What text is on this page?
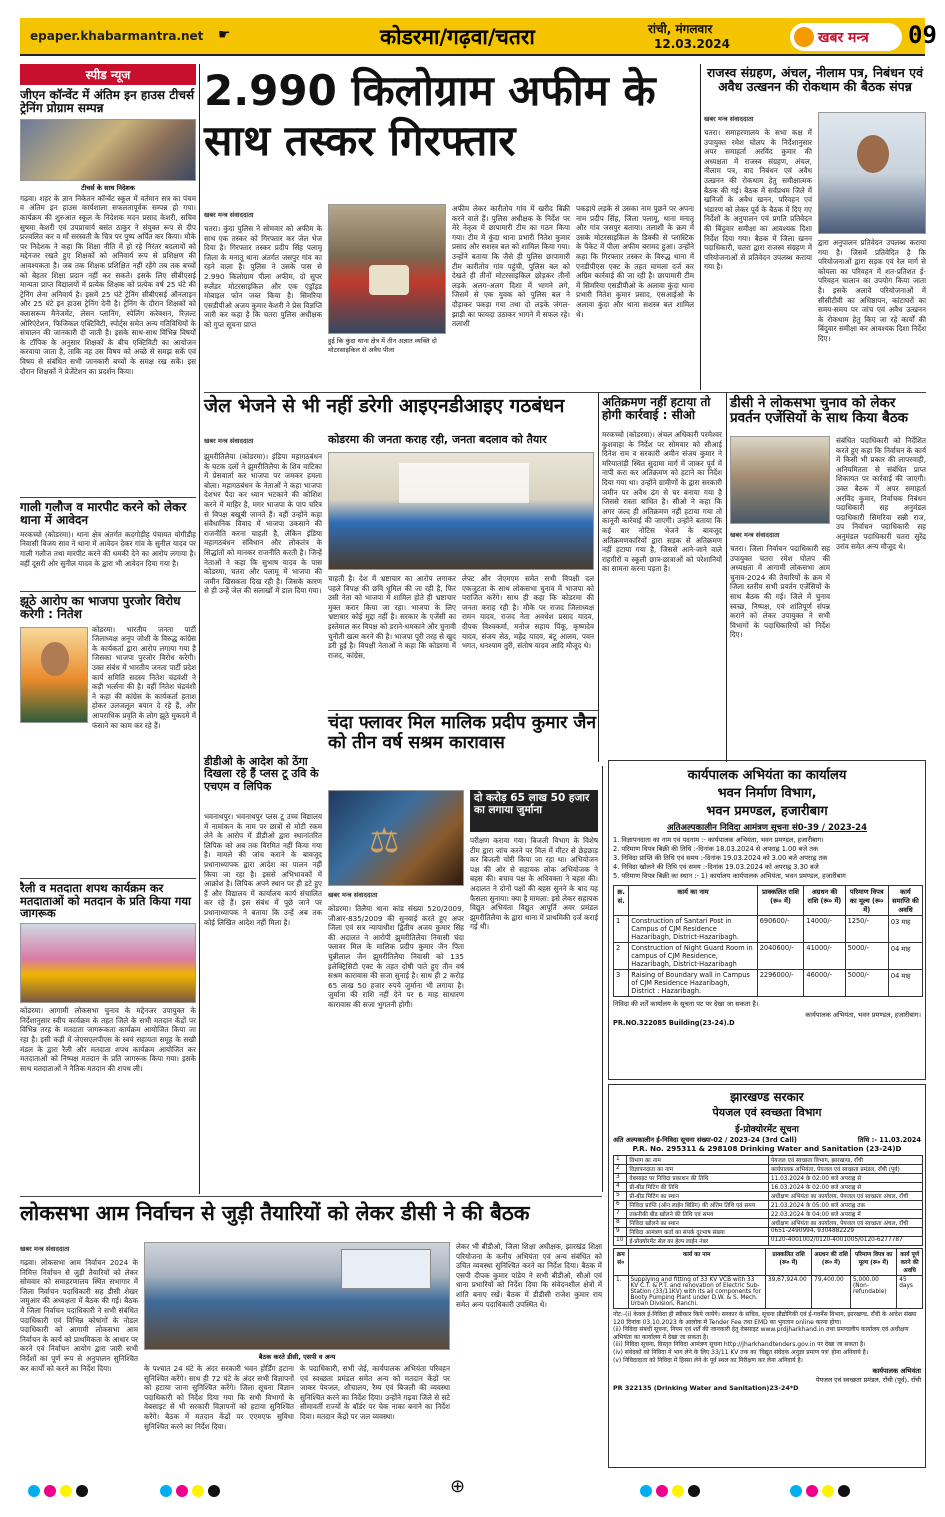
epaper.khabarmantra.net ☛	कोडरमा/गढ़वा/चतरा	रांची, मंगलवार
12.03.2024	खबर मन्त्र 09
स्पीड न्यूज
जीएन कॉन्वेंट में अंतिम इन हाउस टीचर्स ट्रेनिंग प्रोग्राम सम्पन्न
टीचर्स के साथ निदेशक
गढ़वा। शहर के ज्ञान निकेतन कॉन्वेंट स्कूल में वर्तमान सत्र का पंचम व अंतिम इन हाउस कार्यशाला सफलतापूर्वक सम्पन्न हो गया। कार्यक्रम की शुरुआत स्कूल के निदेशक मदन प्रसाद केशरी, सचिव सुषमा केशरी एवं उपप्राचार्य बसंत ठाकुर ने संयुक्त रूप से दीप प्रज्वलित कर व माँ सरस्वती के चित्र पर पुष्प अर्पित कर किया। मौके पर निदेशक ने कहा कि शिक्षा नीति में हो रहे निरंतर बदलावों को मद्देनजर रखते हुए शिक्षकों को अनिवार्य रूप से प्रशिक्षण की आवश्यकता है। जब तक शिक्षक प्रशिक्षित नहीं रहेंगे तब तक बच्चों को बेहतर शिक्षा प्रदान नहीं कर सकते। इसके लिए सीबीएसई मान्यता प्राप्त विद्यालयों में प्रत्येक शिक्षक को प्रत्येक वर्ष 25 घंटे की ट्रेनिंग लेना अनिवार्य है। इसमें 25 घंटे ट्रेनिंग सीबीएसई ऑनलाइन और 25 घंटे इन हाउस ट्रेनिंग देनी है। ट्रेनिंग के दौरान शिक्षकों को क्लासरूम मैनेजमेंट, लेसन प्लानिंग, स्पेलिंग करेक्शन, रिज़ल्ट ओरिएंटेशन, फिजिकल एक्टिविटी, स्पोर्ट्स समेत अन्य गतिविधियों के संचालन की जानकारी दी जाती है। इसके साथ-साथ विभिन्न विषयों के टॉपिक के अनुसार शिक्षकों के बीच एक्टिविटी का आयोजन करवाया जाता है, ताकि वह उस विषय को अच्छे से समझ सकें एवं विषय से संबंधित सभी जानकारी बच्चों के समक्ष रख सकें। इस दौरान शिक्षकों ने प्रेजेंटेशन का प्रदर्शन किया।
गाली गलौज व मारपीट करने को लेकर थाना में आवेदन
मरकच्चो (कोडरमा)। थाना क्षेत्र अंतर्गत कदगोड़ीह पंचायत योगीडीह निवासी विजय साव ने थाना में आवेदन देकर गांव के सुनील यादव पर गाली गलौज तथा मारपीट करने की धमकी देने का आरोप लगाया है। वहीं दूसरी ओर सुनील यादव के द्वारा भी आवेदन दिया गया है।
झूठे आरोप का भाजपा पुरजोर विरोध करेगी : नितेश
कोडरमा। भारतीय जनता पार्टी जिलाध्यक्ष अनूप जोशी के विरुद्ध कांग्रेस के कार्यकर्ता द्वारा आरोप लगाया गया है जिसका भाजपा पुरजोर विरोध करेगी। उक्त संबंध में भारतीय जनता पार्टी प्रदेश कार्य समिति सदस्य नितेश चंद्रवंशी ने कड़ी भर्त्सना की है। वहीं नितेश चंद्रवंशी ने कहा की कांग्रेस के कार्यकर्ता हताश होकर उलजलूल बयान दे रहे हैं, और आपराधिक प्रवृति के लोग झूठे मुकदमे में फंसाने का काम कर रहे हैं।
रैली व मतदाता शपथ कार्यक्रम कर मतदाताओं को मतदान के प्रति किया गया जागरूक
कोडरमा। आगामी लोकसभा चुनाव के मद्देनजर उपायुक्त के निर्देशानुसार स्वीप कार्यक्रम के तहत जिले के सभी मतदान केंद्रों पर विभिन्न तरह के मतदाता जागरूकता कार्यक्रम आयोजित किया जा रहा है। इसी कड़ी में जेएसएलपीएस के स्वयं सहायता समूह के सखी मंडल के द्वारा रैली और मतदाता शपथ कार्यक्रम आयोजित कर मतदाताओं को निष्पक्ष मतदान के प्रति जागरूक किया गया। इसके साथ मतदाताओं ने नैतिक मतदान की शपथ ली।
2.990 किलोग्राम अफीम के साथ तस्कर गिरफ्तार
खबर मन्त्र संवाददाता
चतरा। कुंदा पुलिस ने सोमवार को अफीम के साथ एक तस्कर को गिरफ्तार कर जेल भेज दिया है। गिरफ्तार तस्कर प्रदीप सिंह पलामू जिला के मनातू थाना अंतर्गत जसपुर गांव का रहने वाला है। पुलिस ने उसके पास से 2.990 किलोग्राम पीला अफीम, दो सुपर स्प्लेंडर मोटरसाइकिल और एक एंड्रॉइड मोबाइल फोन जब्त किया है। सिमरिया एसडीपीओ अजय कुमार केशरी ने प्रेस विज्ञप्ति जारी कर कहा है कि चतरा पुलिस अधीक्षक को गुप्त सूचना प्राप्त
हुई कि कुंदा थाना क्षेत्र में तीन अज्ञात व्यक्ति दो मोटरसाइकिल से अवैध पीला
अफीम लेकर कारीतोय गांव में खरीद बिक्री करने वाले हैं। पुलिस अधीक्षक के निर्देश पर मेरे नेतृत्व में छापामारी टीम का गठन किया गया। टीम में कुंदा थाना प्रभारी नितेश कुमार प्रसाद और सशस्त्र बल को शामिल किया गया। उन्होंने बताया कि जैसे ही पुलिस छापामारी टीम कारीतोय गांव पहुंची, पुलिस बल को देखते ही तीनों मोटरसाइकिल छोड़कर तीनों लड़के अलग-अलग दिशा में भागने लगे, जिसमें से एक युवक को पुलिस बल ने दौड़ाकर पकड़ा गया तथा दो लड़के जंगल-झाड़ी का फायदा उठाकर भागने में सफल रहे। तलाशी
पकड़ाये लड़के से उसका नाम पुछने पर अपना नाम प्रदीप सिंह, जिला पलामू, थाना मनातू और गांव जसपुर बताया। तलाशी के क्रम में उसके मोटरसाइकिल के डिक्की से प्लास्टिक के पैकेट में पीला अफीम बरामद हुआ। उन्होंने कहा कि गिरफ्तार तस्कर के विरुद्ध थाना में एनडीपीएस एक्ट के तहत मामला दर्ज कर अग्रिम कार्रवाई की जा रही है। छापामारी टीम में सिमरिया एसडीपीओ के अलावा कुंदा थाना प्रभारी नितेश कुमार प्रसाद, एसआईओ के अलावा कुंदा और थाना सशस्त्र बल शामिल थे।
राजस्व संग्रहण, अंचल, नीलाम पत्र, निबंधन एवं अवैध उत्खनन की रोकथाम की बैठक संपन्न
खबर मन्त्र संवाददाता
चतरा। समाहरणालय के सभा कक्ष में उपायुक्त रमेश घोलप के निर्देशानुसार अपर समाहर्ता अरविंद कुमार की अध्यक्षता में राजस्व संग्रहण, अंचल, नीलाम पत्र, वाद निबंधन एवं अवैध उत्खनन की रोकथाम हेतु समीक्षात्मक बैठक की गई। बैठक में सर्वप्रथम जिले में खनिजों के अवैध खनन, परिवहन एवं भंडारण को लेकर पूर्व के बैठक में दिए गए निर्देशों के अनुपालन एवं प्रगति प्रतिवेदन की बिंदुवार समीक्षा का आवश्यक दिशा निर्देश दिया गया। बैठक में जिला खनन पदाधिकारी, चतरा द्वारा राजस्व संग्रहण में परियोजनाओं से प्रतिवेदन उपलब्ध कराया गया है।
द्वारा अनुपालन प्रतिवेदन उपलब्ध कराया गया है। जिसमें प्रतिवेदित है कि परियोजनाओं द्वारा सड़क एवं रेल मार्ग से कोयला का परिवहन में शत-प्रतिशत ई-परिवहन चालान का उपयोग किया जाता है। इसके अलावे परियोजनाओं में सीसीटीवी का अधिष्ठापन, कांटाघरों का समय-समय पर जांच एवं अवैध उत्खनन के रोकथाम हेतु किए जा रहे कार्यों की बिंदुवार समीक्षा कर आवश्यक दिशा निर्देश दिए।
जेल भेजने से भी नहीं डरेगी आइएनडीआइए गठबंधन
खबर मन्त्र संवाददाता
झुमरीतिलैया (कोडरमा)। इंडिया महागठबंधन के घटक दलों ने झुमरीतिलैया के शिव वाटिका में प्रेसवार्ता कर भाजपा पर जमकर हमला बोला। महागठबंधन के नेताओं ने कहा भाजपा देशभर पैदा कर ध्यान भटकाने की कोशिश करने में माहिर है, मगर भाजपा के पाप चरित्र से विपक्ष बखूबी जानते हैं। वहीं उन्होंने कहा संवैधानिक विवाद में भाजपा उकसाने की राजनीति करना चाहती है, लेकिन इंडिया महागठबंधन संविधान और लोकतंत्र के सिद्धांतों को मानकर राजनीति करती है। जिन्हें नेताओं ने कहा कि सुभाष यादव के पास कोडरमा, चतरा और पलामू में भाजपा की जमीन खिसकता दिख रही है। जिसके कारण से ही उन्हें जेल की सलाखों में डाल दिया गया।
कोडरमा की जनता कराह रही, जनता बदलाव को तैयार
चाहती है। देश में भ्रष्टाचार का आरोप लगाकर पहले विपक्ष की छवि धूमिल की जा रही है, फिर उसी नेता को भाजपा में शामिल होते ही भ्रष्टाचार मुक्त करार किया जा रहा। भाजपा के लिए भ्रष्टाचार कोई मुद्दा नहीं है। सरकार के एजेंसी का इस्तेमाल कर विपक्ष को डराने-धमकाने और चुनावी चुनौती खत्म करने की है। भाजपा पूरी तरह से खुद डरी हुई है। विपक्षी नेताओं ने कहा कि कोडरमा में राजद, कांग्रेस,
लेफ्ट और जेएमएम समेत सभी विपक्षी दल एकजुटता के साथ लोकसभा चुनाव में भाजपा को पराजित करेंगे। साथ ही कहा कि कोडरमा की जनता कराह रही है। मौके पर राजद जिलाध्यक्ष रामन यादव, राजद नेता अवधेश प्रसाद यादव, दीपक विश्वकर्मा, मनोज सहाय पिंकू, कृष्णदेव यादव, संजय सेठ, महेंद्र यादव, बंटू आलम, पवन भगत, धनश्याम तुरी, संतोष यादव आदि मौजूद थे।
अतिक्रमण नहीं हटाया तो होगी कार्रवाई : सीओ
मरकच्चो (कोडरमा)। अंचल अधिकारी परमेश्वर कुशवाहा के निर्देश पर सोमवार को सीआई दिनेश राम व सरकारी अमीन संजय कुमार ने मरियातांड़ी स्थित सुदामा मार्ग में जाकर पूर्व में नापी करा कर अतिक्रमण को हटाने का निर्देश दिया गया था। उन्होंने ग्रामीणों के द्वारा सरकारी जमीन पर अवैध ढंग से घर बनाया गया है जिससे रास्ता बाधित है। सीओ ने कहा कि अगर जल्द ही अतिक्रमण नहीं हटाया गया तो कानूनी कार्रवाई की जाएगी। उन्होंने बताया कि कई बार नोटिस भेजने के बावजूद अतिक्रमणकारियों द्वारा सड़क से अतिक्रमण नहीं हटाया गया है, जिससे आने-जाने वाले राहगीरों व स्कूली छात्र-छात्राओं को परेशानियों का सामना करना पड़ता है।
डीसी ने लोकसभा चुनाव को लेकर प्रवर्तन एजेंसियों के साथ किया बैठक
संबंधित पदाधिकारी को निर्देशित करते हुए कहा कि निर्वाचन के कार्य में किसी भी प्रकार की लापरवाही, अनियमितता से संबंधित प्राप्त शिकायत पर कार्रवाई की जाएगी। उक्त बैठक में अपर समाहर्ता अरविंद कुमार, निर्वाचक निबंधन पदाधिकारी सह अनुमंडल पदाधिकारी सिमरिया सन्नी राज, उप निर्वाचन पदाधिकारी सह अनुमंडल पदाधिकारी चतरा सुरेंद्र उरांव समेत अन्य मौजूद थे।
खबर मन्त्र संवाददाता
चतरा। जिला निर्वाचन पदाधिकारी सह उपायुक्त चतरा रमेश घोलप की अध्यक्षता में आगामी लोकसभा आम चुनाव-2024 की तैयारियों के क्रम में जिला स्तरीय सभी प्रवर्तन एजेंसियों के साथ बैठक की गई। जिले में चुनाव स्वच्छ, निष्पक्ष, एवं शांतिपूर्ण संपन्न कराने को लेकर उपायुक्त ने सभी विभागों के पदाधिकारियों को निर्देश दिए।
डीडीओ के आदेश को ठेंगा दिखला रहे हैं प्लस टू उवि के एचएम व लिपिक
भवनाथपुर। भवनाथपुर प्लस टू उच्च विद्यालय में नामांकन के नाम पर छात्रों से मोटी रकम लेने के आरोप में डीडीओ द्वारा स्थानांतरित लिपिक को अब तक विरमित नहीं किया गया है। मामले की जांच कराने के बावजूद प्रधानाध्यापक द्वारा आदेश का पालन नहीं किया जा रहा है। इससे अभिभावकों में आक्रोश है। लिपिक अपने स्थान पर ही डटे हुए हैं और विद्यालय में कार्यालय कार्य संचालित कर रहे हैं। इस संबंध में पूछे जाने पर प्रधानाध्यापक ने बताया कि उन्हें अब तक कोई लिखित आदेश नहीं मिला है।
चंदा फ्लावर मिल मालिक प्रदीप कुमार जैन को तीन वर्ष सश्रम कारावास
⚖
दो करोड़ 65 लाख 50 हजार का लगाया जुर्माना
परीक्षण कराया गया। बिजली विभाग के विशेष टीम द्वारा जांच करने पर मिल में मीटर से छेड़छाड़ कर बिजली चोरी किया जा रहा था। अभियोजन पक्ष की ओर से सहायक लोक अभियोजक ने बहस की। बचाव पक्ष के अधिवक्ता ने बहस की। अदालत ने दोनों पक्षों की बहस सुनने के बाद यह फैसला सुनाया। क्या है मामला: इसे लेकर सहायक विद्युत अभियंता विद्युत आपूर्ति अवर प्रमंडल झुमरीतिलैया के द्वारा थाना में प्राथमिकी दर्ज कराई गई थी।
खबर मन्त्र संवाददाता
कोडरमा। तिलैया थाना कांड संख्या 520/2009, जीआर-835/2009 की सुनवाई करते हुए अपर जिला एवं सत्र न्यायाधीश द्वितीय अजय कुमार सिंह की अदालत ने आरोपी झुमरीतिलैया निवासी चंदा फ्लावर मिल के मालिक प्रदीप कुमार जैन पिता चुन्नीलाल जैन झुमरीतिलैया निवासी को 135 इलेक्ट्रिसिटी एक्ट के तहत दोषी पाते हुए तीन वर्ष सश्रम कारावास की सजा सुनाई है। साथ ही 2 करोड़ 65 लाख 50 हजार रुपये जुर्माना भी लगाया है। जुर्माना की राशि नहीं देने पर 6 माह साधारण कारावास की सजा भुगतनी होगी।
कार्यपालक अभियंता का कार्यालय
भवन निर्माण विभाग,
भवन प्रमण्डल, हजारीबाग
अतिअल्पकालीन निविदा आमंत्रण सूचना सं0-39 / 2023-24
1. विज्ञापनदाता का नाम एवं पदनाम :- कार्यपालक अभियंता, भवन प्रमण्डल, हजारीबाग।
2. परिमाण विपत्र बिक्री की तिथि :-दिनांक 18.03.2024 से अपराह्न 1.00 बजे तक
3. निविदा प्राप्ति की तिथि एवं समय :-दिनांक 19.03.2024 को 3.00 बजे अपराह्न तक
4. निविदा खोलने की तिथि एवं समय :-दिनांक 19.03.2024 को अपराह्न 3.30 बजे
5. परिमाण विपत्र बिक्री का स्थान :- 1) कार्यालय कार्यपालक अभियंता, भवन प्रमण्डल, हजारीबाग
क्र. सं.	कार्य का नाम	प्राक्कलित राशि (रू० में)	अग्रधन की राशि (रू० में)	परिमाण विपत्र का मूल्य (रू० में)	कार्य समाप्ति की अवधि
1	Construction of Santari Post in Campus of CJM Residence Hazaribagh, District-Hazaribagh.	690600/-	14000/-	1250/-	03 माह
2	Construction of Night Guard Room in campus of CJM Residence, Hazaribagh, District-Hazaribagh	2040600/-	41000/-	5000/-	04 माह
3	Raising of Boundary wall in Campus of CJM Residence Hazaribagh, District : Hazaribagh.	2296000/-	46000/-	5000/-	04 माह
निविदा की शर्तें कार्यालय के सूचना पट पर देखा जा सकता है।
कार्यपालक अभियंता, भवन प्रमण्डल, हजारीबाग।
PR.NO.322085 Building(23-24).D
झारखण्ड सरकार
पेयजल एवं स्वच्छता विभाग
ई-प्रोक्योरमेंट सूचना
अति अल्पकालीन ई-निविदा सूचना संख्या-02 / 2023-24 (3rd Call)	तिथि :- 11.03.2024
P.R. No. 295311 & 298108 Drinking Water and Sanitation (23-24)D
1	विभाग का नाम	पेयजल एवं स्वच्छता विभाग, झारखण्ड, राँची
2	विज्ञापनदाता का नाम	कार्यपालक अभियंता, पेयजल एवं स्वच्छता प्रमंडल, राँची (पूर्व)
3	वेबसाइट पर निविदा प्रकाशन की तिथि	11.03.2024 के 02:00 बजे अपराह्न से
4	प्री-बीड मिटिंग की तिथि	16.03.2024 के 02:00 बजे अपराह्न से
5	प्री-बीड मिटिंग का स्थान	अधीक्षण अभियंता का कार्यालय, पेयजल एवं स्वच्छता अंचल, राँची
6	निविदा प्राप्ति (ऑन लाईन बिडिंग) की अंतिम तिथि एवं समय	21.03.2024 के 05:00 बजे अपराह्न तक
7	तकनीकी बीड खोलने की तिथि एवं समय	22.03.2024 के 04:00 बजे अपराह्न में
8	निविदा खोलने का स्थान	अधीक्षण अभियंता का कार्यालय, पेयजल एवं स्वच्छता अंचल, राँची
9	निविदा आमंत्रण कर्ता का संपर्क दूरभाष संख्या	0651-2490994, 9304882229
10	ई-प्रोक्योरमेंट सेल का हेल्प लाईन नंबर	0120-4001002/0120-4001005/0120-6277787
क्रम सं०	कार्य का नाम	प्राक्कलित राशि (रू० में)	अग्रधन की राशि (रू० में)	परिमाण विपत्र का मूल्य (रू० में)	कार्य पूर्ण करने की अवधि
1.	Supplying and fitting of 33 KV VCB with 33 KV C.T. & P.T. and renovation of Electric Sub-Station (33/11KV) with its all components for Booty Pumping Plant under D.W. & S. Mech. Urban Division, Ranchi.	39,67,924.00	79,400.00	5,000.00 (Non-refundable)	45 days
नोट:-(i) केवल ई-निविदा ही स्वीकार किये जायेंगे। सरकार के सचिव, सूचना प्रौद्योगिकी एवं ई-गवर्नेंस विभाग, झारखण्ड, राँची के आदेश संख्या 120 दिनांक 03.10.2023 के आलोक में Tender Fee तथा EMD का भुगतान online करना होगा।
(ii) निविदा संबंधी सूचना, नियम एवं शर्तें की जानकारी हेतु वेबसाइट www.prdjharkhand.in तथा प्रमण्डलीय कार्यालय एवं अधीक्षण अभियंता का कार्यालय में देखा जा सकता है।
(iii) निविदा सूचना, विस्तृत निविदा आमंत्रण सूचना http://jharkhandtenders.gov.in पर देखा जा सकता है।
(iv) संवेदकों को निविदा में भाग लेने के लिए 33/11 KV तक का 'विद्युत संवेदक अनुज्ञा प्रमाण पत्र' होना अनिवार्य है।
(v) निविदादाता को निविदा में हिस्सा लेने के पूर्व स्थल का निरीक्षण कर लेना अनिवार्य है।
कार्यपालक अभियंता
पेयजल एवं स्वच्छता प्रमंडल, राँची (पूर्व), राँची
PR 322135 (Drinking Water and Sanitation)23-24*D
लोकसभा आम निर्वाचन से जुड़ी तैयारियों को लेकर डीसी ने की बैठक
खबर मन्त्र संवाददाता
गढ़वा। लोकसभा आम निर्वाचन 2024 के निमित्त निर्वाचन से जुड़ी तैयारियों को लेकर सोमवार को समाहरणालय स्थित सभागार में जिला निर्वाचन पदाधिकारी सह डीसी शेखर जमुआर की अध्यक्षता में बैठक की गई। बैठक में जिला निर्वाचन पदाधिकारी ने सभी संबंधित पदाधिकारी एवं विभिन्न कोषांगों के नोडल पदाधिकारी को आगामी लोकसभा आम निर्वाचन के कार्य को प्राथमिकता के आधार पर करने एवं निर्वाचन आयोग द्वारा जारी सभी निर्देशों का पूर्ण रूप से अनुपालन सुनिश्चित कर कार्यों को करने का निर्देश दिया।
बैठक करते डीसी, एसपी व अन्य
के पश्चात 24 घंटे के अंदर सरकारी भवन होर्डिंग हटाना सुनिश्चित करेंगे। साथ ही 72 घंटे के अंदर सभी विज्ञापनों को हटाया जाना सुनिश्चित करेंगे। जिला सूचना विज्ञान पदाधिकारी को निर्देश दिया गया कि सभी विभागों के वेबसाइट से भी सरकारी विज्ञापनों को हटाया सुनिश्चित करेंगे। बैठक में मतदान केंद्रों पर एएमएफ सुविधा सुनिश्चित करने का निर्देश दिया।
के पदाधिकारी, सभी जेई, कार्यपालक अभियंता परिवहन एवं स्वच्छता प्रमंडल समेत अन्य को मतदान केंद्रों पर जाकर पेयजल, शौचालय, रैम्प एवं बिजली की व्यवस्था सुनिश्चित करने का निर्देश दिया। उन्होंने गढ़वा जिले से सटे सीमावर्ती राज्यों के बॉर्डर पर चेक नाका बनाने का निर्देश दिया। मतदान केंद्रों पर जल व्यवस्था।
लेकर भी बीडीओ, जिला शिक्षा अधीक्षक, झारखंड शिक्षा परियोजना के कनीय अभियंता एवं अन्य संबंधित को उचित व्यवस्था सुनिश्चित करने का निर्देश दिया। बैठक में एसपी दीपक कुमार पांडेय ने सभी बीडीओ, सीओ एवं थाना प्रभारियों को निर्देश दिया कि संवेदनशील क्षेत्रों में शांति बनाए रखें। बैठक में डीडीसी राजेश कुमार राय समेत अन्य पदाधिकारी उपस्थित थे।
⊕
